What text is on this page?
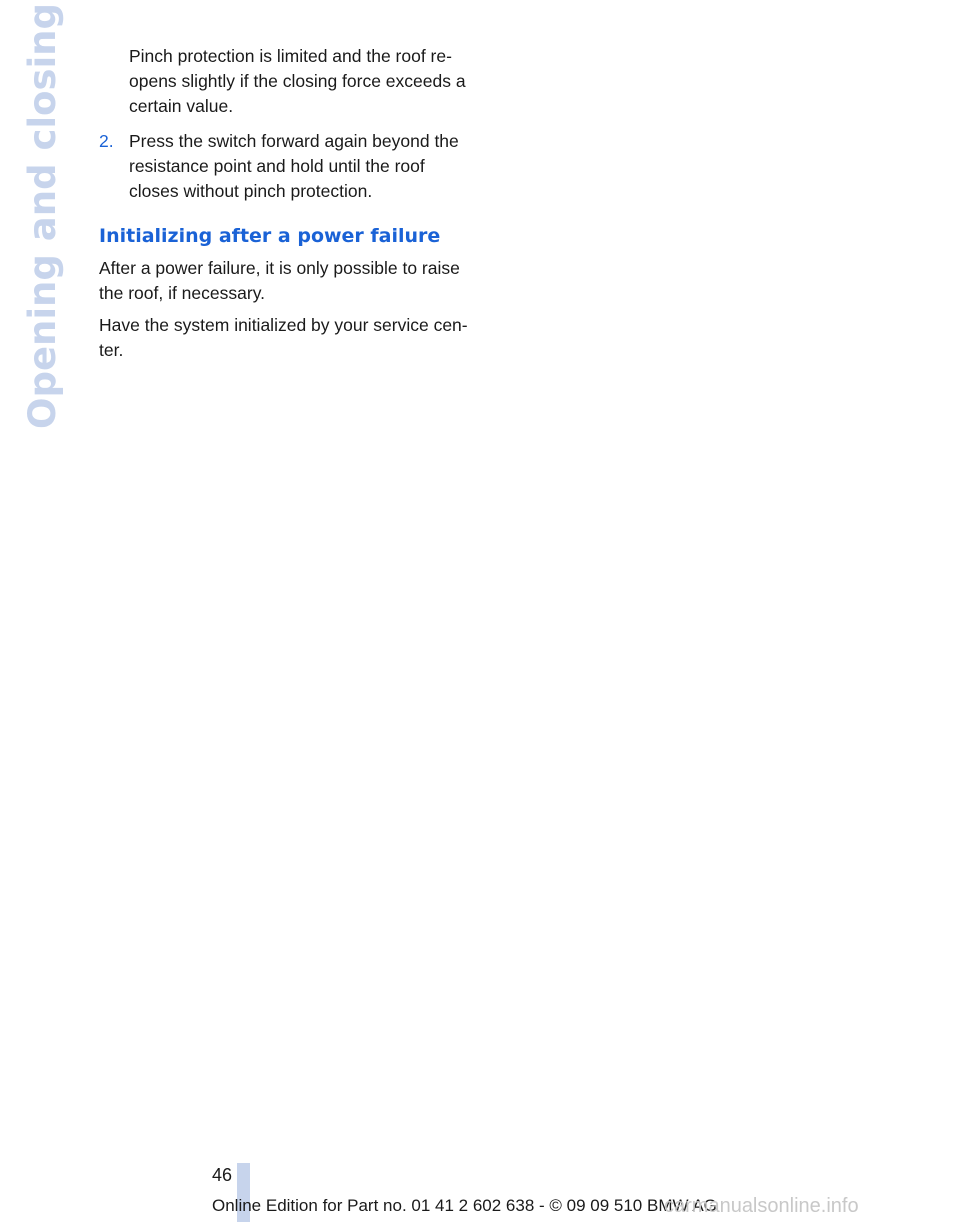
Opening and closing	Pinch protection is limited and the roof re-
opens slightly if the closing force exceeds a
certain value.
2. Press the switch forward again beyond the
resistance point and hold until the roof
closes without pinch protection.
Initializing after a power failure
After a power failure, it is only possible to raise
the roof, if necessary.
Have the system initialized by your service cen-
ter.
46
Online Edition for Part no. 01 41 2 602 638 - © 09 09 510 BMW AG
carmanualsonline.info
